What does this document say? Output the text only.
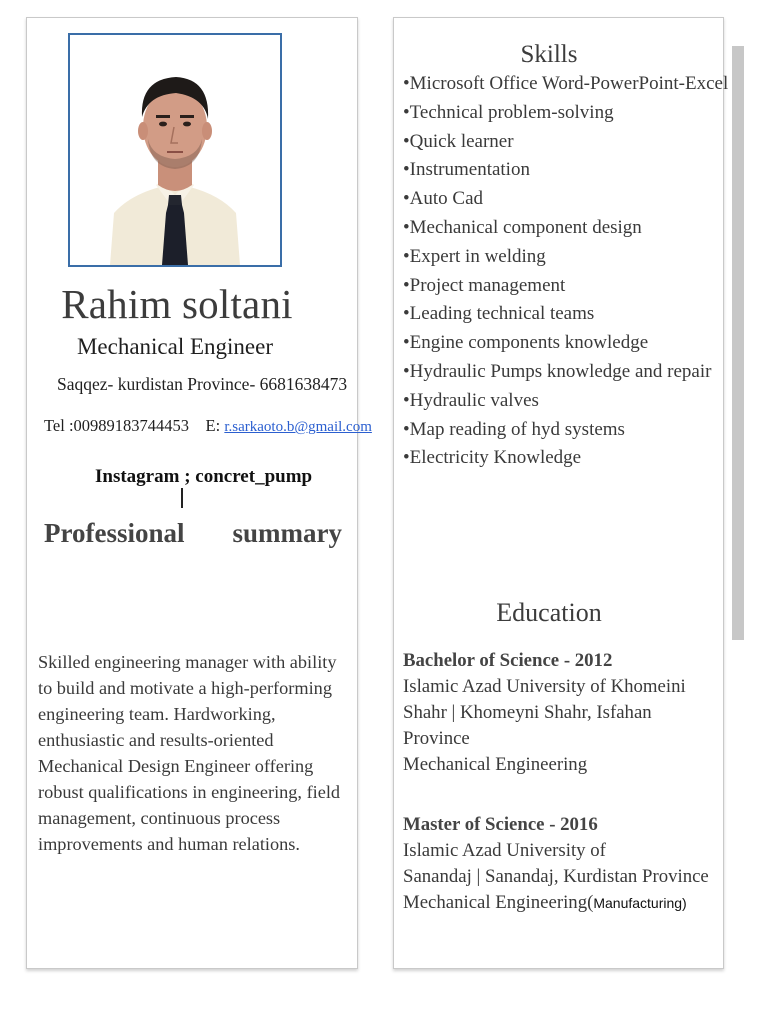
Rahim soltani
Mechanical Engineer
Saqqez- kurdistan Province- 6681638473
Tel :00989183744453 E: r.sarkaoto.b@gmail.com
Instagram ; concret_pump
Professional summary
Skilled engineering manager with ability to build and motivate a high-performing engineering team. Hardworking, enthusiastic and results-oriented Mechanical Design Engineer offering robust qualifications in engineering, field management, continuous process improvements and human relations.
Skills
•Microsoft Office Word-PowerPoint-Excel
•Technical problem-solving
•Quick learner
•Instrumentation
•Auto Cad
•Mechanical component design
•Expert in welding
•Project management
•Leading technical teams
•Engine components knowledge
•Hydraulic Pumps knowledge and repair
•Hydraulic valves
•Map reading of hyd systems
•Electricity Knowledge
Education
Bachelor of Science - 2012
Islamic Azad University of Khomeini
Shahr | Khomeyni Shahr, Isfahan Province
Mechanical Engineering
Master of Science - 2016
Islamic Azad University of
Sanandaj | Sanandaj, Kurdistan Province
Mechanical Engineering(Manufacturing)
